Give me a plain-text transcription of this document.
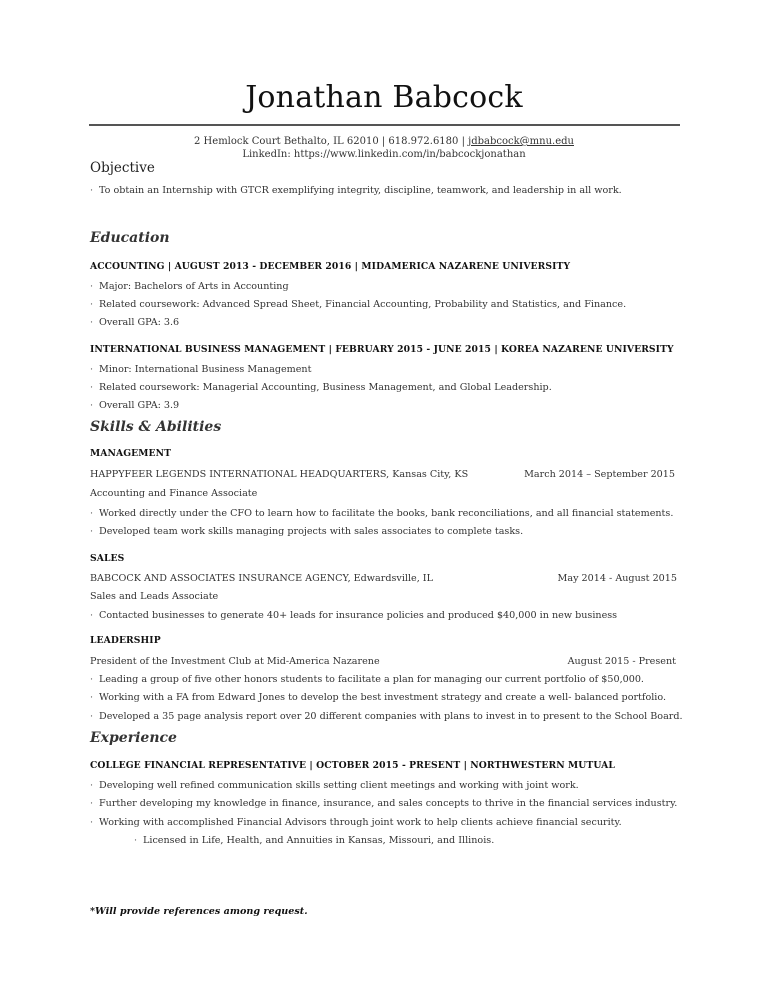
Jonathan Babcock
2 Hemlock Court Bethalto, IL 62010 | 618.972.6180 | jdbabcock@mnu.edu
LinkedIn: https://www.linkedin.com/in/babcockjonathan
Objective
· To obtain an Internship with GTCR exemplifying integrity, discipline, teamwork, and leadership in all work.
Education
ACCOUNTING | AUGUST 2013 - DECEMBER 2016 | MIDAMERICA NAZARENE UNIVERSITY
· Major: Bachelors of Arts in Accounting
· Related coursework: Advanced Spread Sheet, Financial Accounting, Probability and Statistics, and Finance.
· Overall GPA: 3.6
INTERNATIONAL BUSINESS MANAGEMENT | FEBRUARY 2015 - JUNE 2015 | KOREA NAZARENE UNIVERSITY
· Minor: International Business Management
· Related coursework: Managerial Accounting, Business Management, and Global Leadership.
· Overall GPA: 3.9
Skills & Abilities
MANAGEMENT
HAPPYFEER LEGENDS INTERNATIONAL HEADQUARTERS, Kansas City, KS	March 2014 – September 2015
Accounting and Finance Associate
· Worked directly under the CFO to learn how to facilitate the books, bank reconciliations, and all financial statements.
· Developed team work skills managing projects with sales associates to complete tasks.
SALES
BABCOCK AND ASSOCIATES INSURANCE AGENCY, Edwardsville, IL	May 2014 - August 2015
Sales and Leads Associate
· Contacted businesses to generate 40+ leads for insurance policies and produced $40,000 in new business
LEADERSHIP
President of the Investment Club at Mid-America Nazarene	August 2015 - Present
· Leading a group of five other honors students to facilitate a plan for managing our current portfolio of $50,000.
· Working with a FA from Edward Jones to develop the best investment strategy and create a well- balanced portfolio.
· Developed a 35 page analysis report over 20 different companies with plans to invest in to present to the School Board.
Experience
COLLEGE FINANCIAL REPRESENTATIVE | OCTOBER 2015 - PRESENT | NORTHWESTERN MUTUAL
· Developing well refined communication skills setting client meetings and working with joint work.
· Further developing my knowledge in finance, insurance, and sales concepts to thrive in the financial services industry.
· Working with accomplished Financial Advisors through joint work to help clients achieve financial security.
· Licensed in Life, Health, and Annuities in Kansas, Missouri, and Illinois.
*Will provide references among request.
